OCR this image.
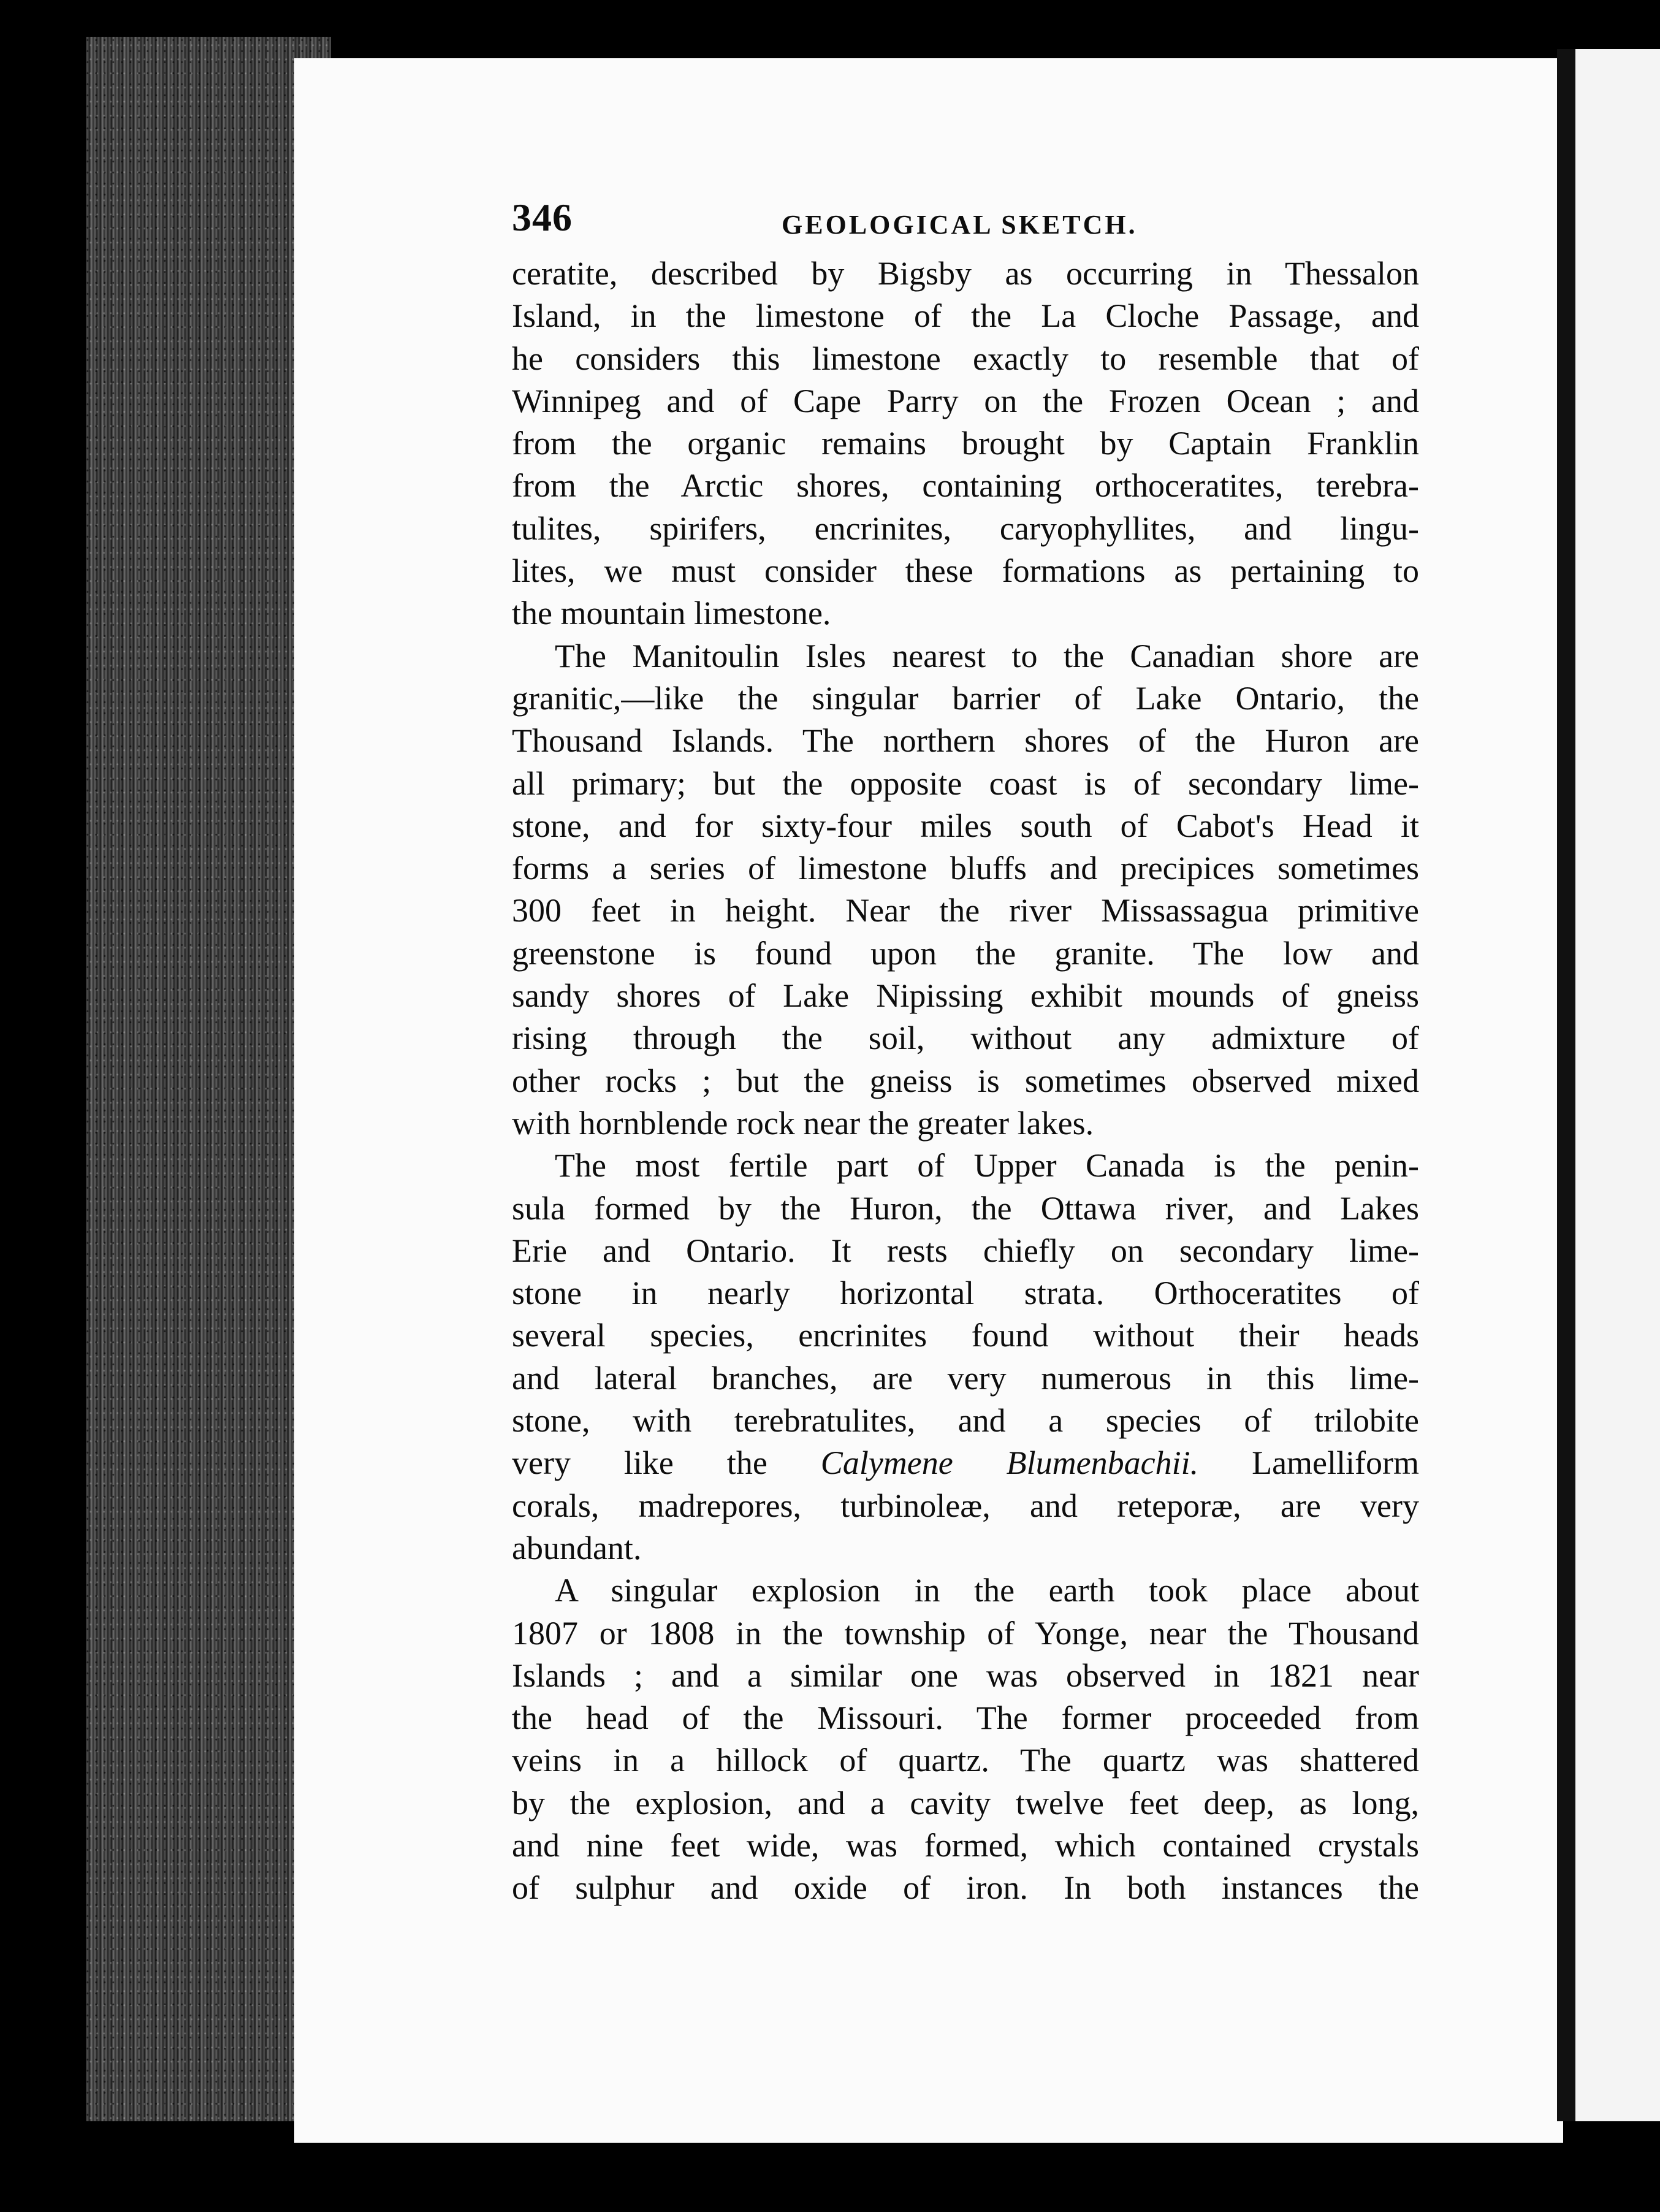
346	GEOLOGICAL SKETCH.
ceratite, described by Bigsby as occurring in Thessalon
Island, in the limestone of the La Cloche Passage, and
he considers this limestone exactly to resemble that of
Winnipeg and of Cape Parry on the Frozen Ocean ; and
from the organic remains brought by Captain Franklin
from the Arctic shores, containing orthoceratites, terebra-
tulites, spirifers, encrinites, caryophyllites, and lingu-
lites, we must consider these formations as pertaining to
the mountain limestone.
The Manitoulin Isles nearest to the Canadian shore are
granitic,—like the singular barrier of Lake Ontario, the
Thousand Islands. The northern shores of the Huron are
all primary; but the opposite coast is of secondary lime-
stone, and for sixty-four miles south of Cabot's Head it
forms a series of limestone bluffs and precipices sometimes
300 feet in height. Near the river Missassagua primitive
greenstone is found upon the granite. The low and
sandy shores of Lake Nipissing exhibit mounds of gneiss
rising through the soil, without any admixture of
other rocks ; but the gneiss is sometimes observed mixed
with hornblende rock near the greater lakes.
The most fertile part of Upper Canada is the penin-
sula formed by the Huron, the Ottawa river, and Lakes
Erie and Ontario. It rests chiefly on secondary lime-
stone in nearly horizontal strata. Orthoceratites of
several species, encrinites found without their heads
and lateral branches, are very numerous in this lime-
stone, with terebratulites, and a species of trilobite
very like the Calymene Blumenbachii. Lamelliform
corals, madrepores, turbinoleæ, and reteporæ, are very
abundant.
A singular explosion in the earth took place about
1807 or 1808 in the township of Yonge, near the Thousand
Islands ; and a similar one was observed in 1821 near
the head of the Missouri. The former proceeded from
veins in a hillock of quartz. The quartz was shattered
by the explosion, and a cavity twelve feet deep, as long,
and nine feet wide, was formed, which contained crystals
of sulphur and oxide of iron. In both instances the
